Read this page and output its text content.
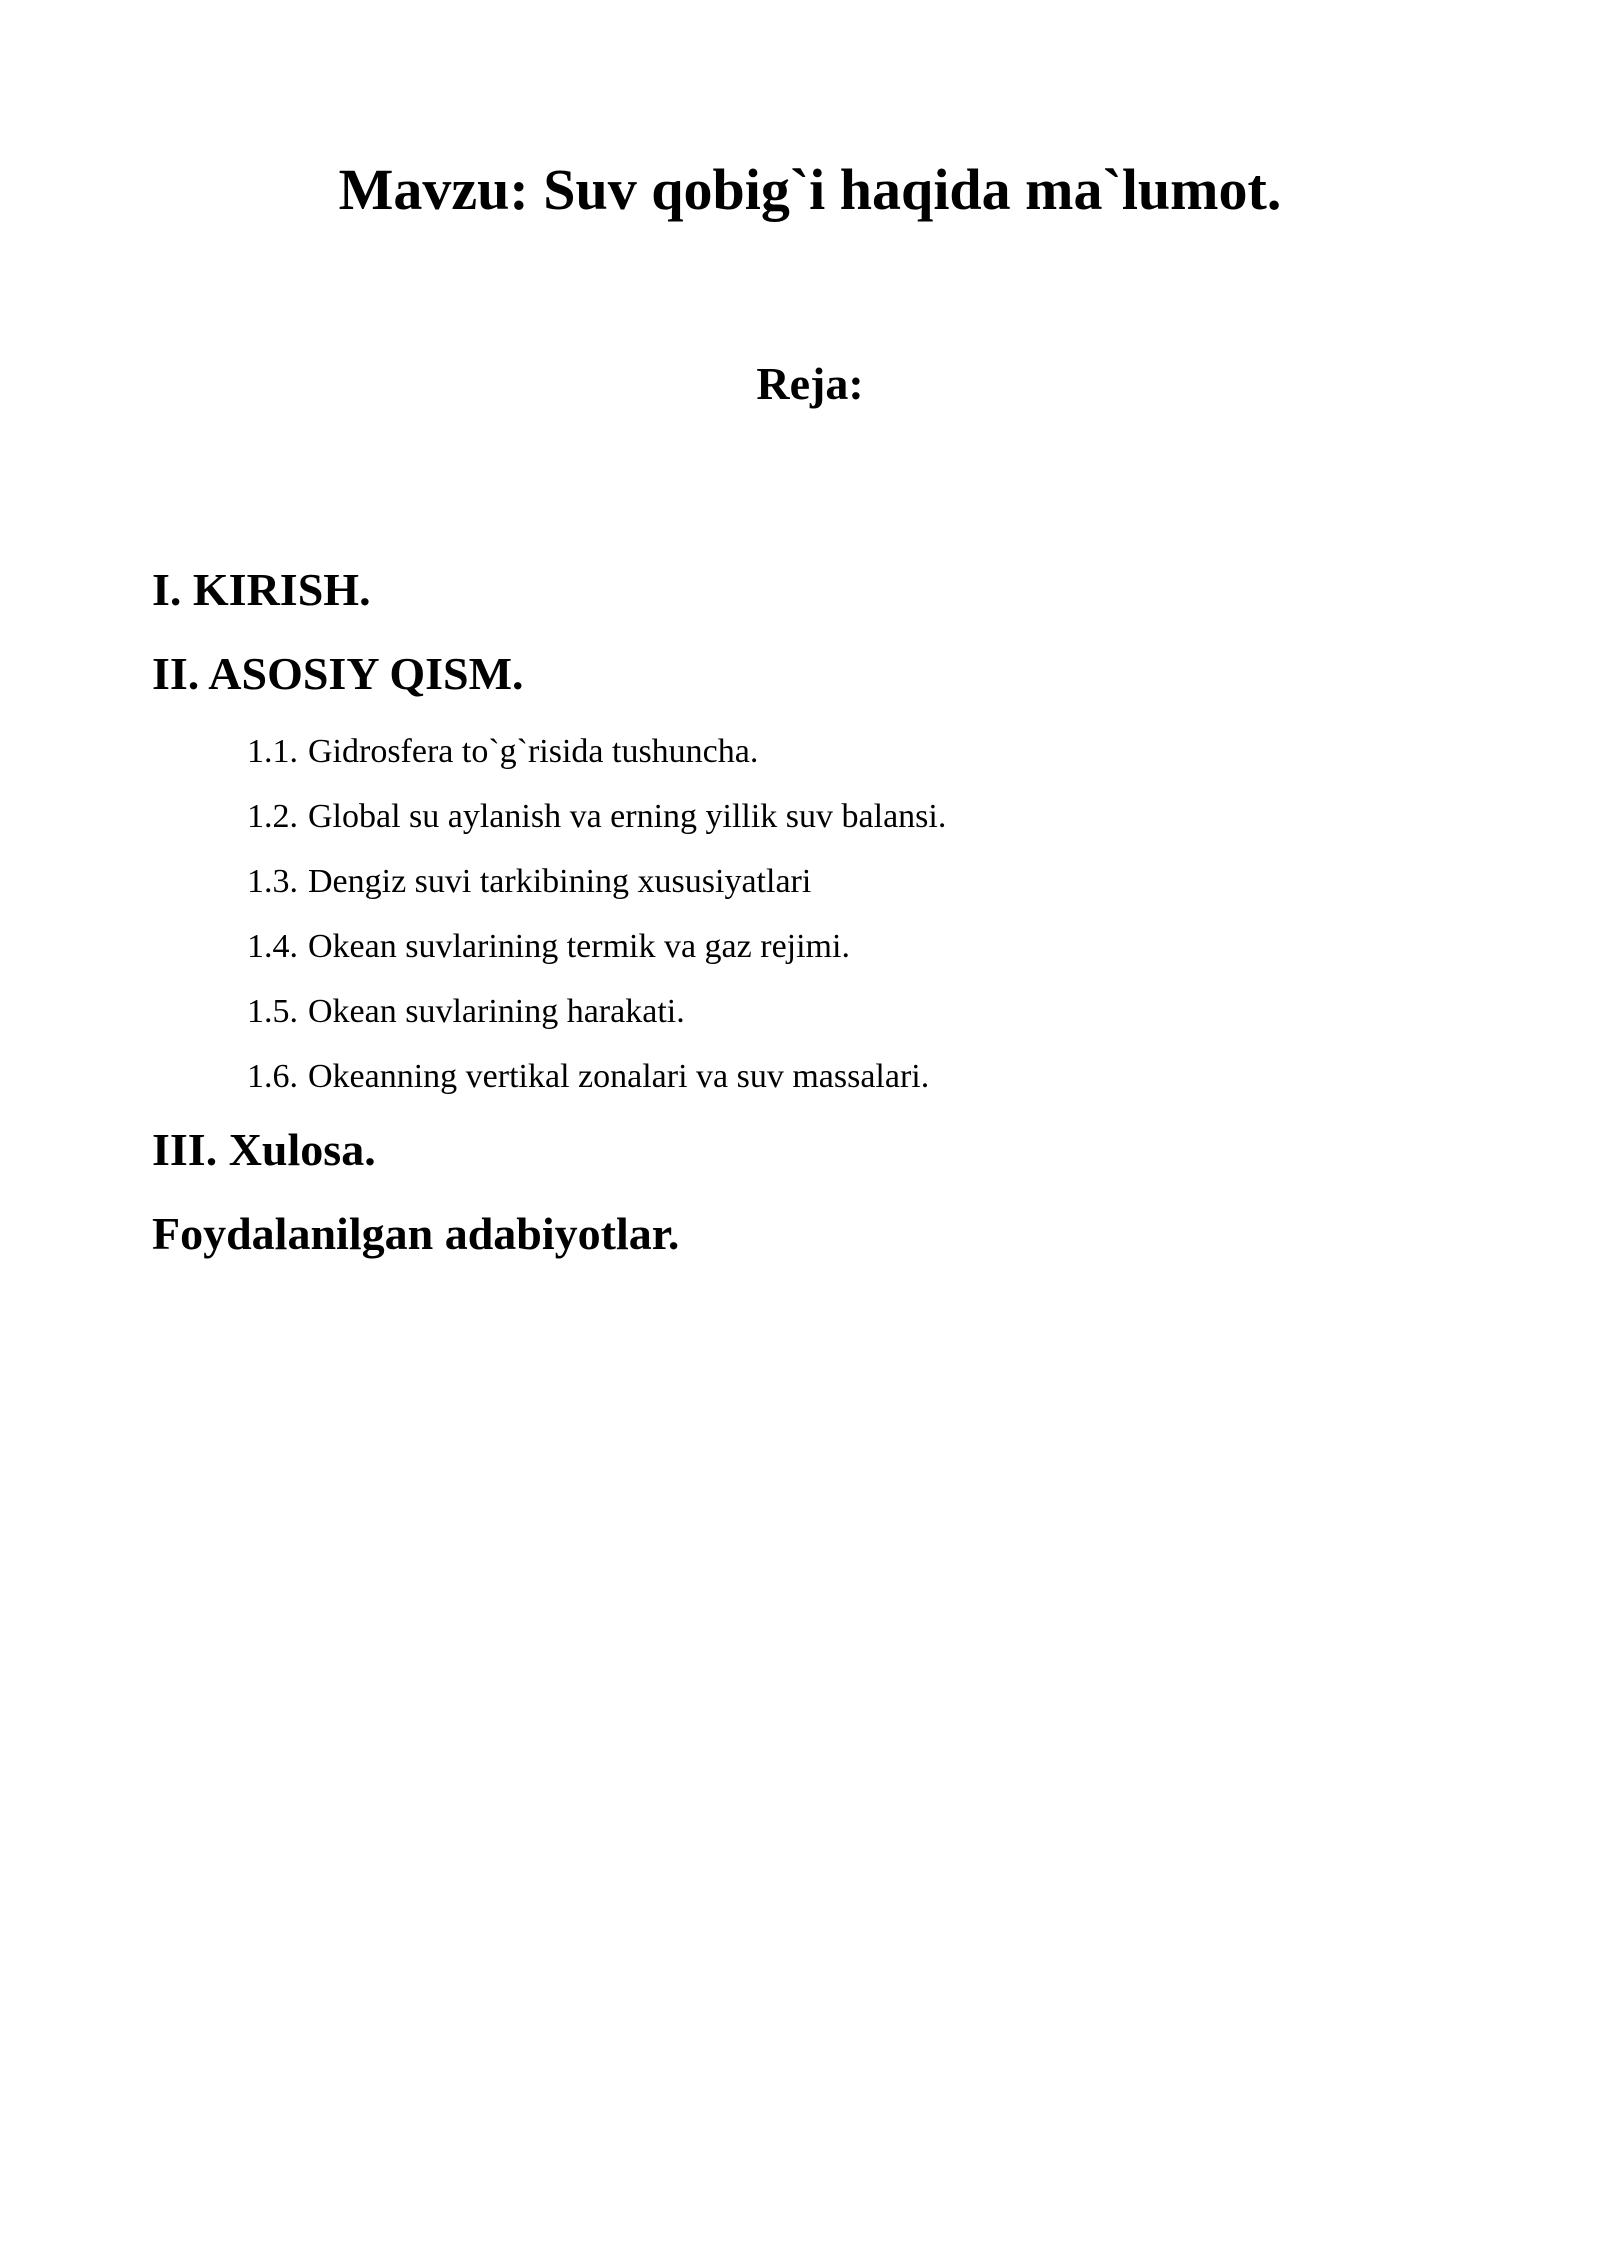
Mavzu: Suv qobig`i haqida ma`lumot.
Reja:
I. KIRISH.
II. ASOSIY QISM.
1.1. Gidrosfera to`g`risida tushuncha.
1.2. Global su aylanish va erning yillik suv balansi.
1.3. Dengiz suvi tarkibining xususiyatlari
1.4. Okean suvlarining termik va gaz rejimi.
1.5. Okean suvlarining harakati.
1.6. Okeanning vertikal zonalari va suv massalari.
III. Xulosa.
Foydalanilgan adabiyotlar.
